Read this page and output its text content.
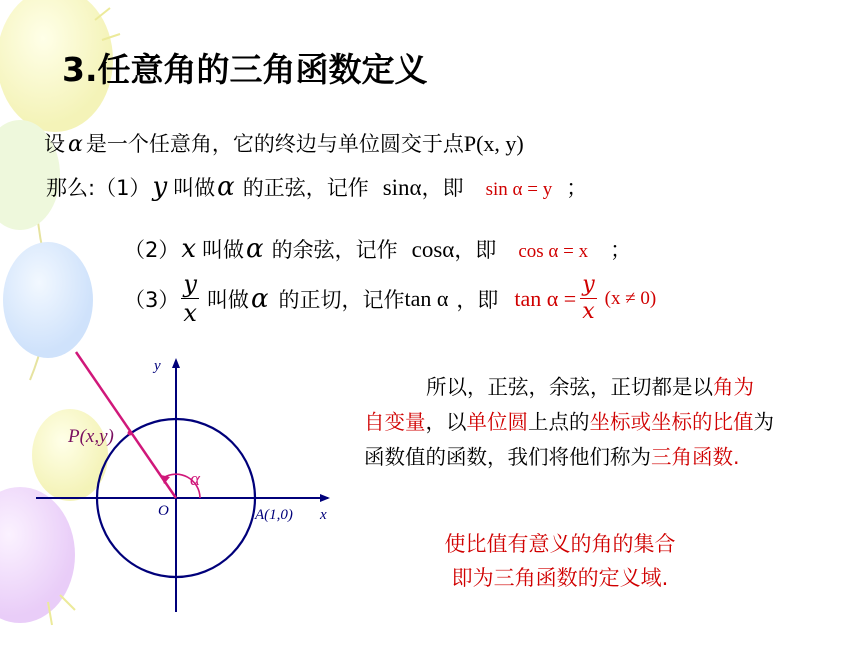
3.任意角的三角函数定义
设 α 是一个任意角，它的终边与单位圆交于点P(x, y)
那么:（1）y 叫做α 的正弦，记作 sinα，即 sin α = y ；
（2）x 叫做α 的余弦，记作 cosα，即 cos α = x ；
$(3) \frac{y}{x}$ 叫做 α 的正切，记作 tan α ，即 $\tan \alpha = \frac{y}{x} (x \ne 0)$
y
x
O	A(1,0)
P(x,y)
α
所以，正弦，余弦，正切都是以角为自变量，以单位圆上点的坐标或坐标的比值为函数值的函数，我们将他们称为三角函数.
使比值有意义的角的集合
即为三角函数的定义域.
